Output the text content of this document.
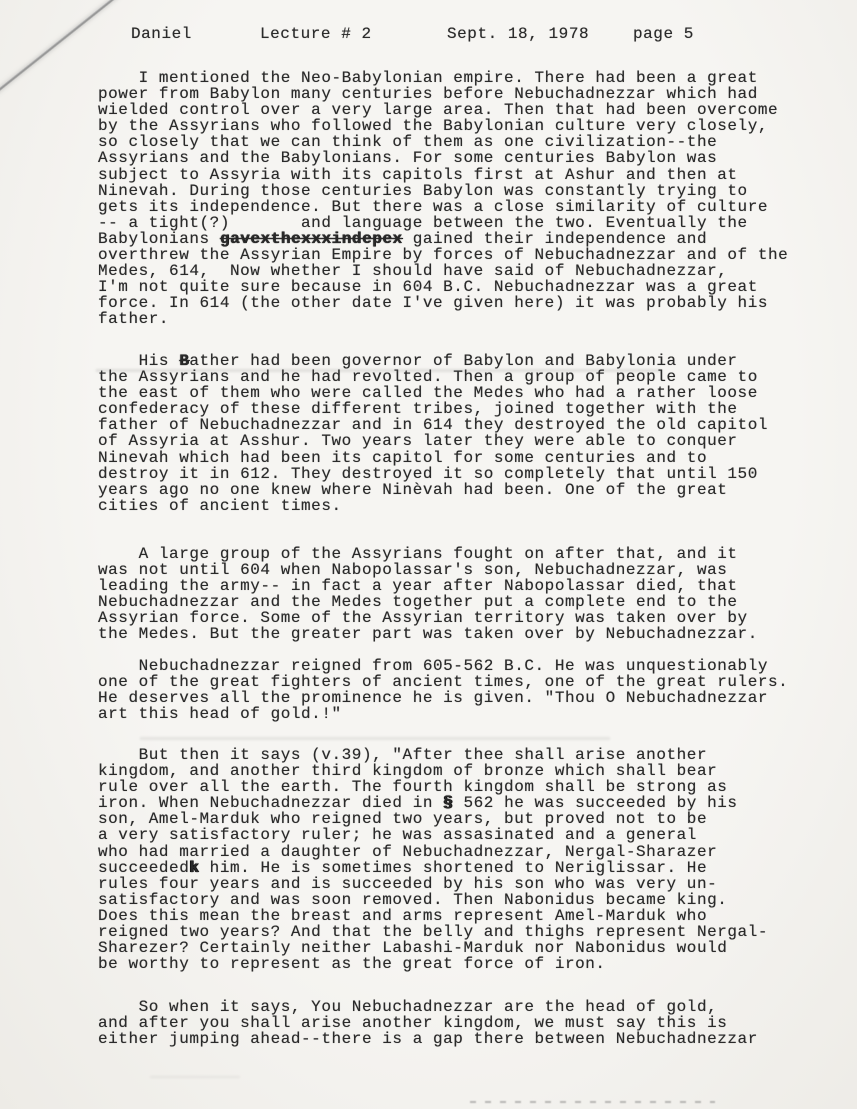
Daniel	Lecture # 2	Sept. 18, 1978	page 5
I mentioned the Neo-Babylonian empire. There had been a great
power from Babylon many centuries before Nebuchadnezzar which had
wielded control over a very large area. Then that had been overcome
by the Assyrians who followed the Babylonian culture very closely,
so closely that we can think of them as one civilization--the
Assyrians and the Babylonians. For some centuries Babylon was
subject to Assyria with its capitols first at Ashur and then at
Ninevah. During those centuries Babylon was constantly trying to
gets its independence. But there was a close similarity of culture
-- a tight(?)       and language between the two. Eventually the
Babylonians gavexthexxxindepex gained their independence and
overthrew the Assyrian Empire by forces of Nebuchadnezzar and of the
Medes, 614,  Now whether I should have said of Nebuchadnezzar,
I'm not quite sure because in 604 B.C. Nebuchadnezzar was a great
force. In 614 (the other date I've given here) it was probably his
father.
His Bather had been governor of Babylon and Babylonia under
the Assyrians and he had revolted. Then a group of people came to
the east of them who were called the Medes who had a rather loose
confederacy of these different tribes, joined together with the
father of Nebuchadnezzar and in 614 they destroyed the old capitol
of Assyria at Asshur. Two years later they were able to conquer
Ninevah which had been its capitol for some centuries and to
destroy it in 612. They destroyed it so completely that until 150
years ago no one knew where Ninèvah had been. One of the great
cities of ancient times.
A large group of the Assyrians fought on after that, and it
was not until 604 when Nabopolassar's son, Nebuchadnezzar, was
leading the army-- in fact a year after Nabopolassar died, that
Nebuchadnezzar and the Medes together put a complete end to the
Assyrian force. Some of the Assyrian territory was taken over by
the Medes. But the greater part was taken over by Nebuchadnezzar.
Nebuchadnezzar reigned from 605-562 B.C. He was unquestionably
one of the great fighters of ancient times, one of the great rulers.
He deserves all the prominence he is given. "Thou O Nebuchadnezzar
art this head of gold.!"
But then it says (v.39), "After thee shall arise another
kingdom, and another third kingdom of bronze which shall bear
rule over all the earth. The fourth kingdom shall be strong as
iron. When Nebuchadnezzar died in § 562 he was succeeded by his
son, Amel-Marduk who reigned two years, but proved not to be
a very satisfactory ruler; he was assasinated and a general
who had married a daughter of Nebuchadnezzar, Nergal-Sharazer
succeededk him. He is sometimes shortened to Neriglissar. He
rules four years and is succeeded by his son who was very un-
satisfactory and was soon removed. Then Nabonidus became king.
Does this mean the breast and arms represent Amel-Marduk who
reigned two years? And that the belly and thighs represent Nergal-
Sharezer? Certainly neither Labashi-Marduk nor Nabonidus would
be worthy to represent as the great force of iron.
So when it says, You Nebuchadnezzar are the head of gold,
and after you shall arise another kingdom, we must say this is
either jumping ahead--there is a gap there between Nebuchadnezzar
